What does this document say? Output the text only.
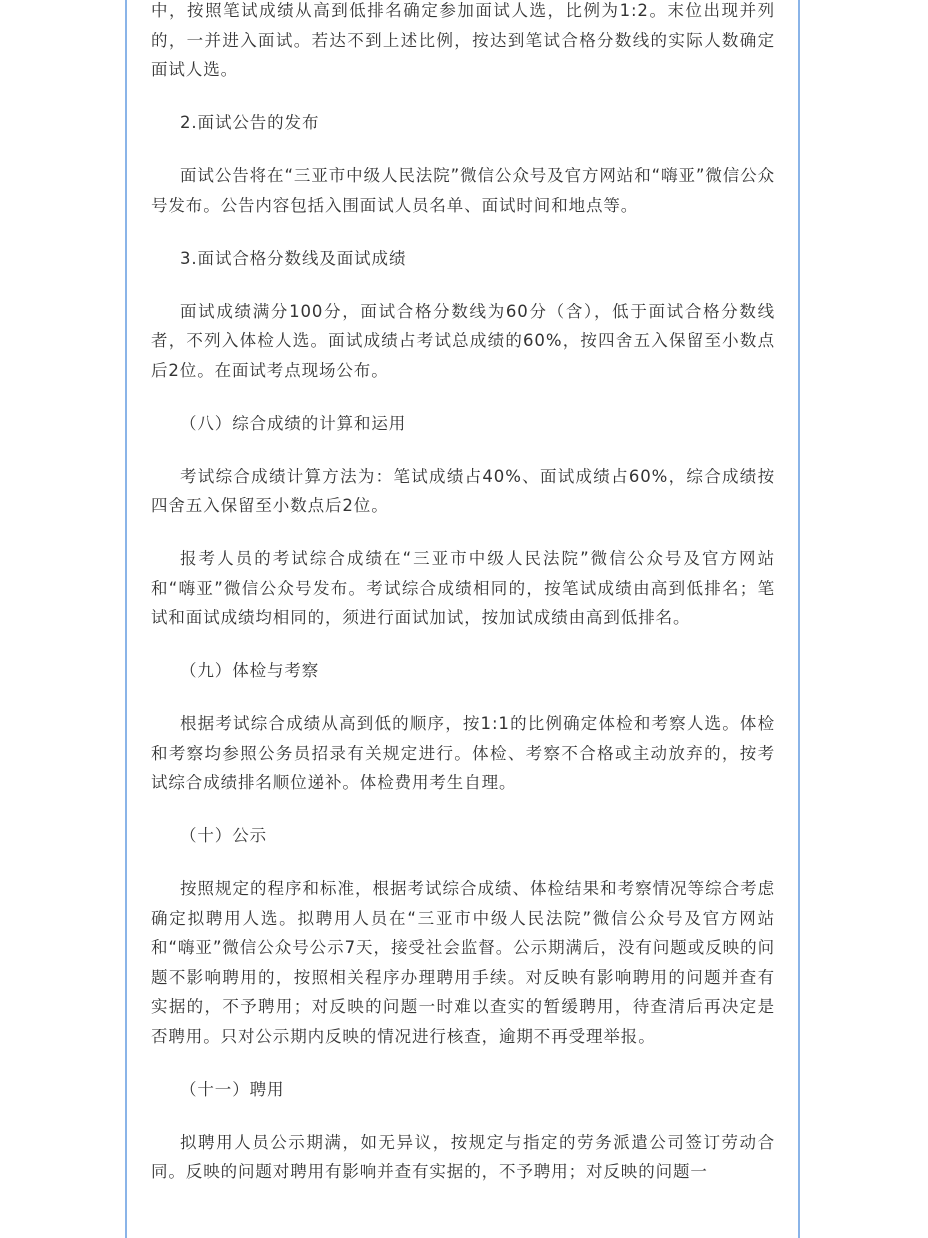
中，按照笔试成绩从高到低排名确定参加面试人选，比例为1:2。末位出现并列的，一并进入面试。若达不到上述比例，按达到笔试合格分数线的实际人数确定面试人选。

2.面试公告的发布

面试公告将在“三亚市中级人民法院”微信公众号及官方网站和“嗨亚”微信公众号发布。公告内容包括入围面试人员名单、面试时间和地点等。

3.面试合格分数线及面试成绩

面试成绩满分100分，面试合格分数线为60分（含），低于面试合格分数线者，不列入体检人选。面试成绩占考试总成绩的60%，按四舍五入保留至小数点后2位。在面试考点现场公布。

（八）综合成绩的计算和运用

考试综合成绩计算方法为：笔试成绩占40%、面试成绩占60%，综合成绩按四舍五入保留至小数点后2位。

报考人员的考试综合成绩在“三亚市中级人民法院”微信公众号及官方网站和“嗨亚”微信公众号发布。考试综合成绩相同的，按笔试成绩由高到低排名；笔试和面试成绩均相同的，须进行面试加试，按加试成绩由高到低排名。

（九）体检与考察

根据考试综合成绩从高到低的顺序，按1:1的比例确定体检和考察人选。体检和考察均参照公务员招录有关规定进行。体检、考察不合格或主动放弃的，按考试综合成绩排名顺位递补。体检费用考生自理。

（十）公示

按照规定的程序和标准，根据考试综合成绩、体检结果和考察情况等综合考虑确定拟聘用人选。拟聘用人员在“三亚市中级人民法院”微信公众号及官方网站和“嗨亚”微信公众号公示7天，接受社会监督。公示期满后，没有问题或反映的问题不影响聘用的，按照相关程序办理聘用手续。对反映有影响聘用的问题并查有实据的，不予聘用；对反映的问题一时难以查实的暂缓聘用，待查清后再决定是否聘用。只对公示期内反映的情况进行核查，逾期不再受理举报。

（十一）聘用

拟聘用人员公示期满，如无异议，按规定与指定的劳务派遣公司签订劳动合同。反映的问题对聘用有影响并查有实据的，不予聘用；对反映的问题一
